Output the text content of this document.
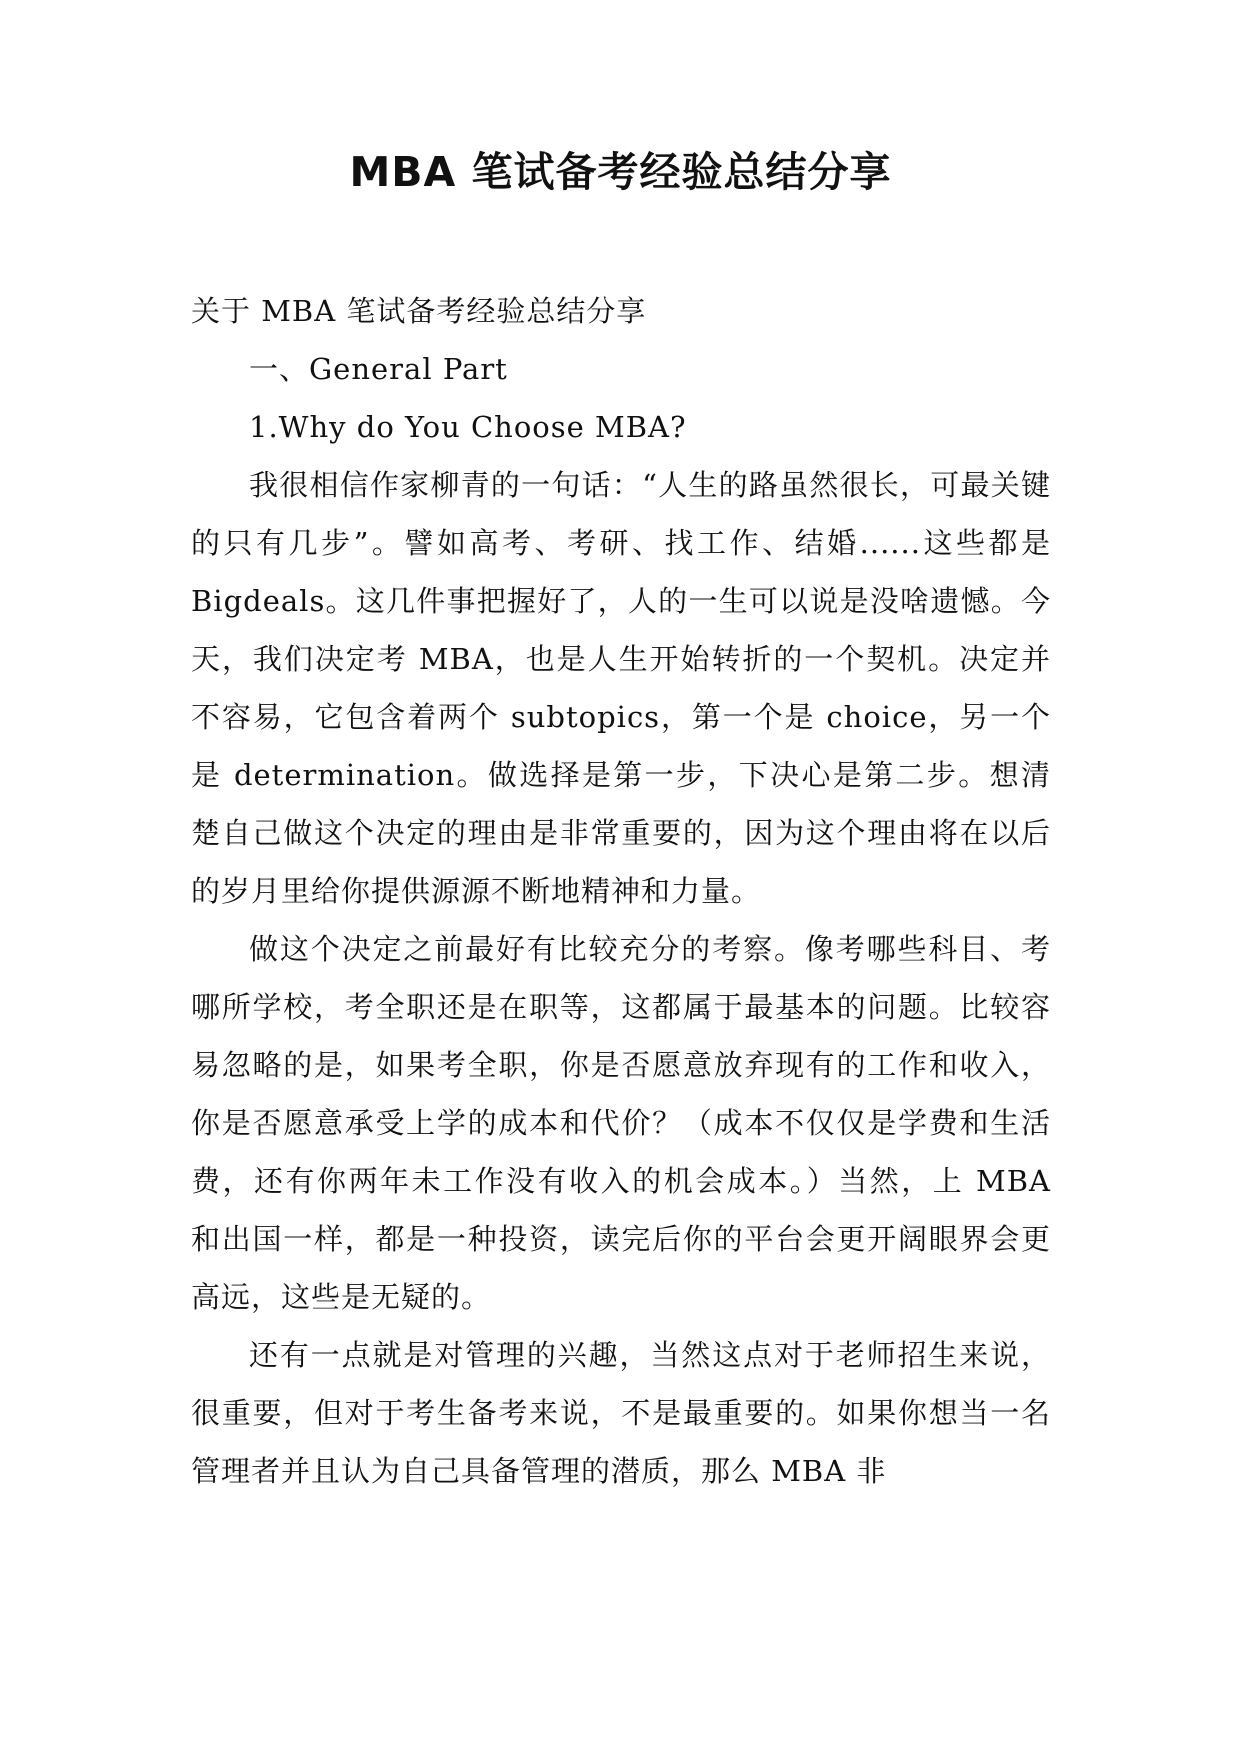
MBA 笔试备考经验总结分享

关于 MBA 笔试备考经验总结分享

一、General Part

1.Why do You Choose MBA?

我很相信作家柳青的一句话：“人生的路虽然很长，可最关键的只有几步”。譬如高考、考研、找工作、结婚......这些都是 Bigdeals。这几件事把握好了，人的一生可以说是没啥遗憾。今天，我们决定考 MBA，也是人生开始转折的一个契机。决定并不容易，它包含着两个 subtopics，第一个是 choice，另一个是 determination。做选择是第一步，下决心是第二步。想清楚自己做这个决定的理由是非常重要的，因为这个理由将在以后的岁月里给你提供源源不断地精神和力量。

做这个决定之前最好有比较充分的考察。像考哪些科目、考哪所学校，考全职还是在职等，这都属于最基本的问题。比较容易忽略的是，如果考全职，你是否愿意放弃现有的工作和收入，你是否愿意承受上学的成本和代价？（成本不仅仅是学费和生活费，还有你两年未工作没有收入的机会成本。）当然，上 MBA 和出国一样，都是一种投资，读完后你的平台会更开阔眼界会更高远，这些是无疑的。

还有一点就是对管理的兴趣，当然这点对于老师招生来说，很重要，但对于考生备考来说，不是最重要的。如果你想当一名管理者并且认为自己具备管理的潜质，那么 MBA 非
